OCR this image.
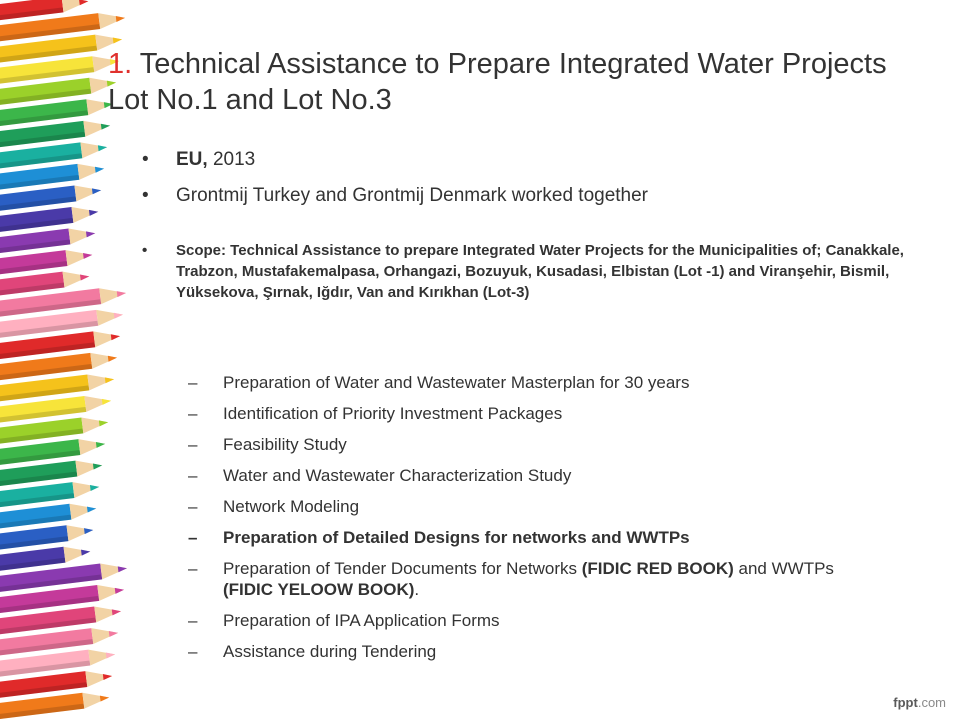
1. Technical Assistance to Prepare Integrated Water Projects Lot No.1 and Lot No.3
• EU, 2013
• Grontmij Turkey and Grontmij Denmark worked together
• Scope: Technical Assistance to prepare Integrated Water Projects for the Municipalities of; Canakkale, Trabzon, Mustafakemalpasa, Orhangazi, Bozuyuk, Kusadasi, Elbistan (Lot -1) and Viranşehir, Bismil, Yüksekova, Şırnak, Iğdır, Van and Kırıkhan (Lot-3)
– Preparation of Water and Wastewater Masterplan for 30 years
– Identification of Priority Investment Packages
– Feasibility Study
– Water and Wastewater Characterization Study
– Network Modeling
– Preparation of Detailed Designs for networks and WWTPs
– Preparation of Tender Documents for Networks (FIDIC RED BOOK) and WWTPs (FIDIC YELOOW BOOK).
– Preparation of IPA Application Forms
– Assistance during Tendering
fppt.com
